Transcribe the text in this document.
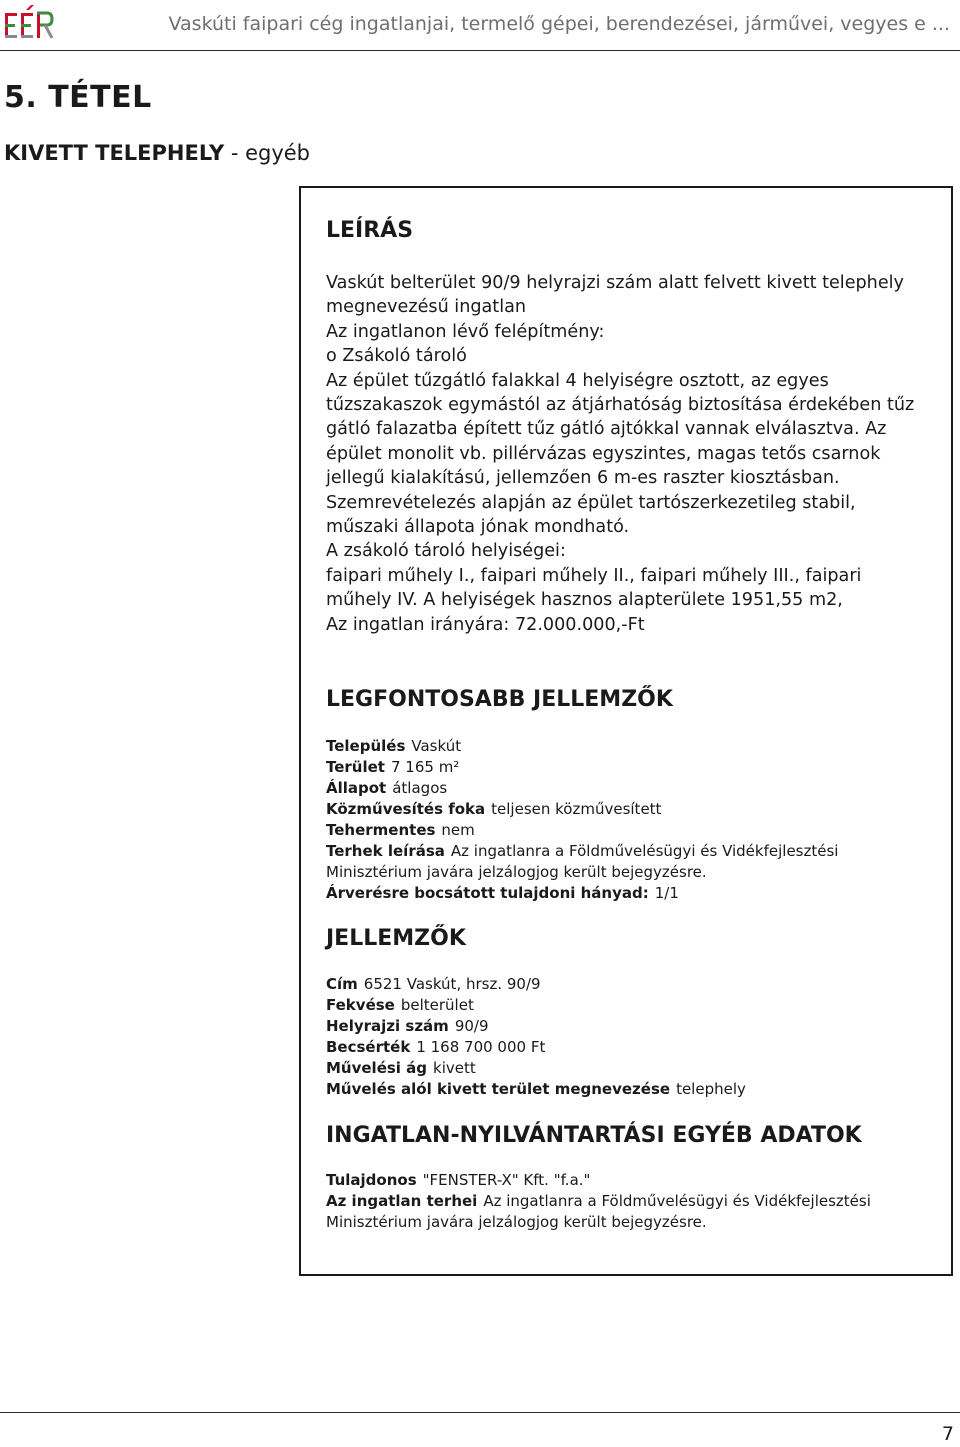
Vaskúti faipari cég ingatlanjai, termelő gépei, berendezései, járművei, vegyes e ...
5. TÉTEL
KIVETT TELEPHELY - egyéb
LEÍRÁS

Vaskút belterület 90/9 helyrajzi szám alatt felvett kivett telephely megnevezésű ingatlan

Az ingatlanon lévő felépítmény:

o Zsákoló tároló

Az épület tűzgátló falakkal 4 helyiségre osztott, az egyes tűzszakaszok egymástól az átjárhatóság biztosítása érdekében tűz gátló falazatba épített tűz gátló ajtókkal vannak elválasztva. Az épület monolit vb. pillérvázas egyszintes, magas tetős csarnok jellegű kialakítású, jellemzően 6 m-es raszter kiosztásban. Szemrevételezés alapján az épület tartószerkezetileg stabil, műszaki állapota jónak mondható.

A zsákoló tároló helyiségei:

faipari műhely I., faipari műhely II., faipari műhely III., faipari műhely IV. A helyiségek hasznos alapterülete 1951,55 m2,

Az ingatlan irányára: 72.000.000,-Ft

LEGFONTOSABB JELLEMZŐK

Település Vaskút

Terület 7 165 m²

Állapot átlagos

Közművesítés foka teljesen közművesített

Tehermentes nem

Terhek leírása Az ingatlanra a Földművelésügyi és Vidékfejlesztési Minisztérium javára jelzálogjog került bejegyzésre.

Árverésre bocsátott tulajdoni hányad: 1/1

JELLEMZŐK

Cím 6521 Vaskút, hrsz. 90/9

Fekvése belterület

Helyrajzi szám 90/9

Becsérték 1 168 700 000 Ft

Művelési ág kivett

Művelés alól kivett terület megnevezése telephely

INGATLAN-NYILVÁNTARTÁSI EGYÉB ADATOK

Tulajdonos "FENSTER-X" Kft. "f.a."

Az ingatlan terhei Az ingatlanra a Földművelésügyi és Vidékfejlesztési Minisztérium javára jelzálogjog került bejegyzésre.

7
